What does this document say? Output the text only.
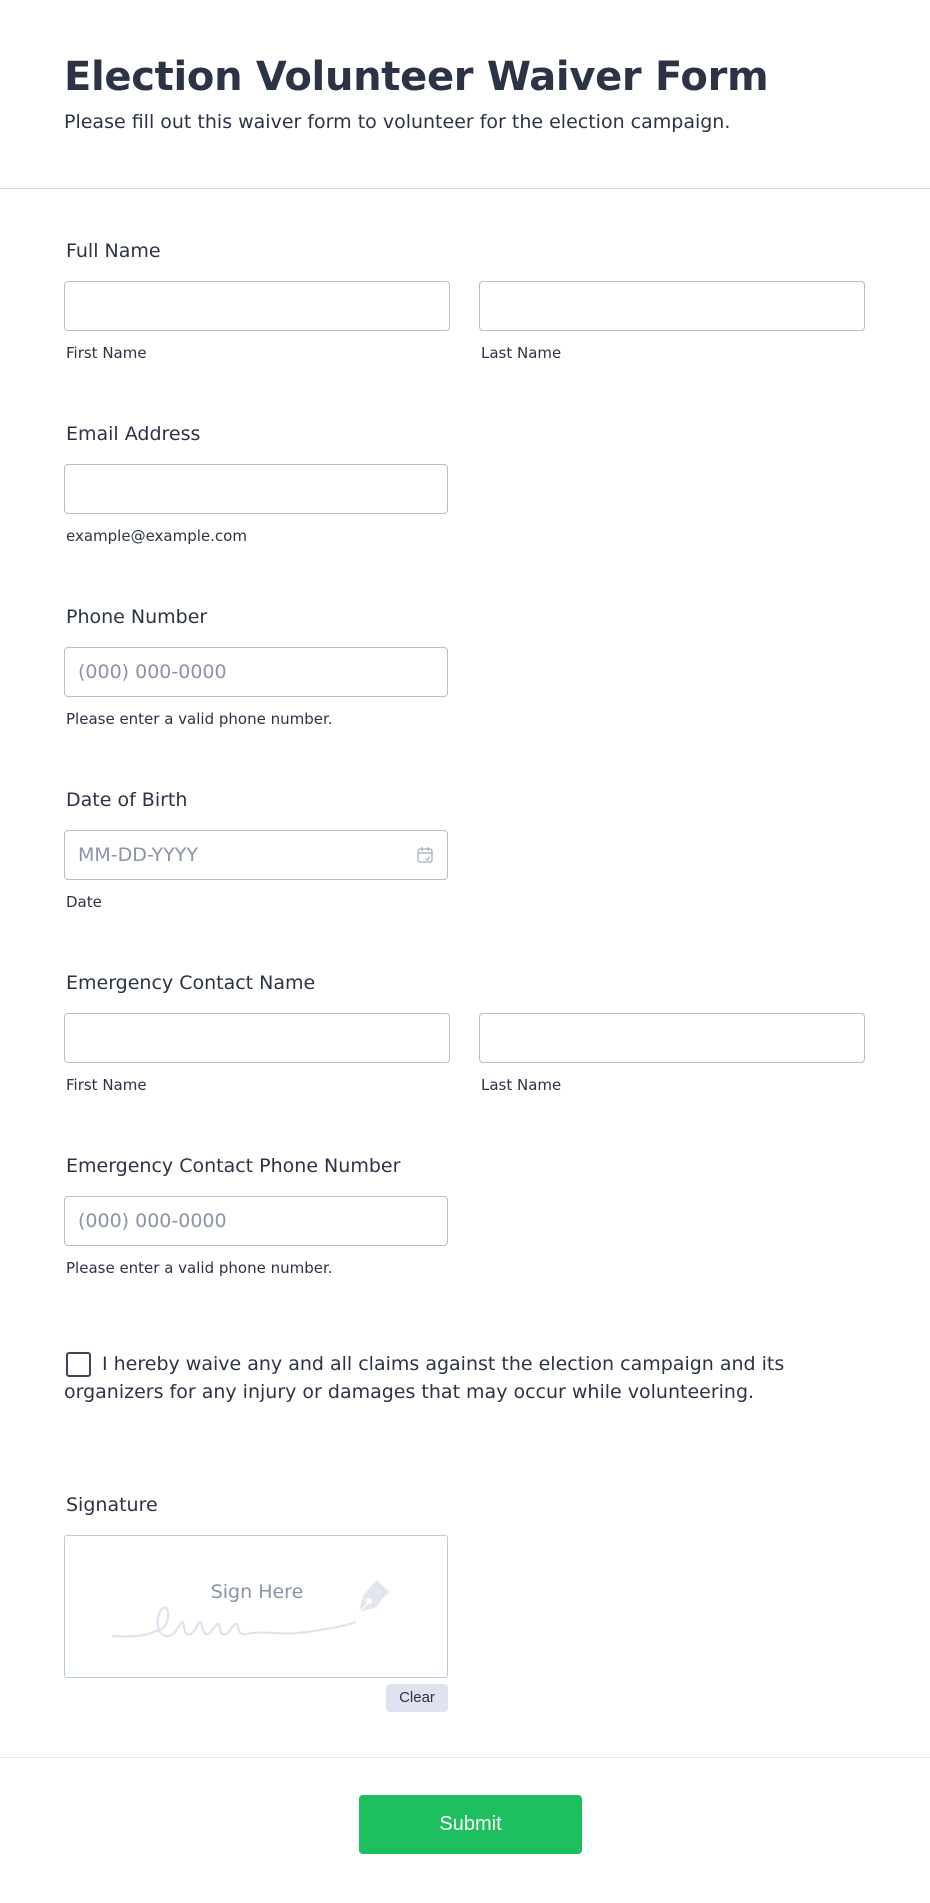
Election Volunteer Waiver Form

Please fill out this waiver form to volunteer for the election campaign.

Full Name
First Name	Last Name
Email Address
example@example.com
Phone Number
(000) 000-0000
Please enter a valid phone number.
Date of Birth
MM-DD-YYYY
Date
Emergency Contact Name
First Name	Last Name
Emergency Contact Phone Number
(000) 000-0000
Please enter a valid phone number.
I hereby waive any and all claims against the election campaign and its organizers for any injury or damages that may occur while volunteering.
Signature
Sign Here
Clear
Submit
